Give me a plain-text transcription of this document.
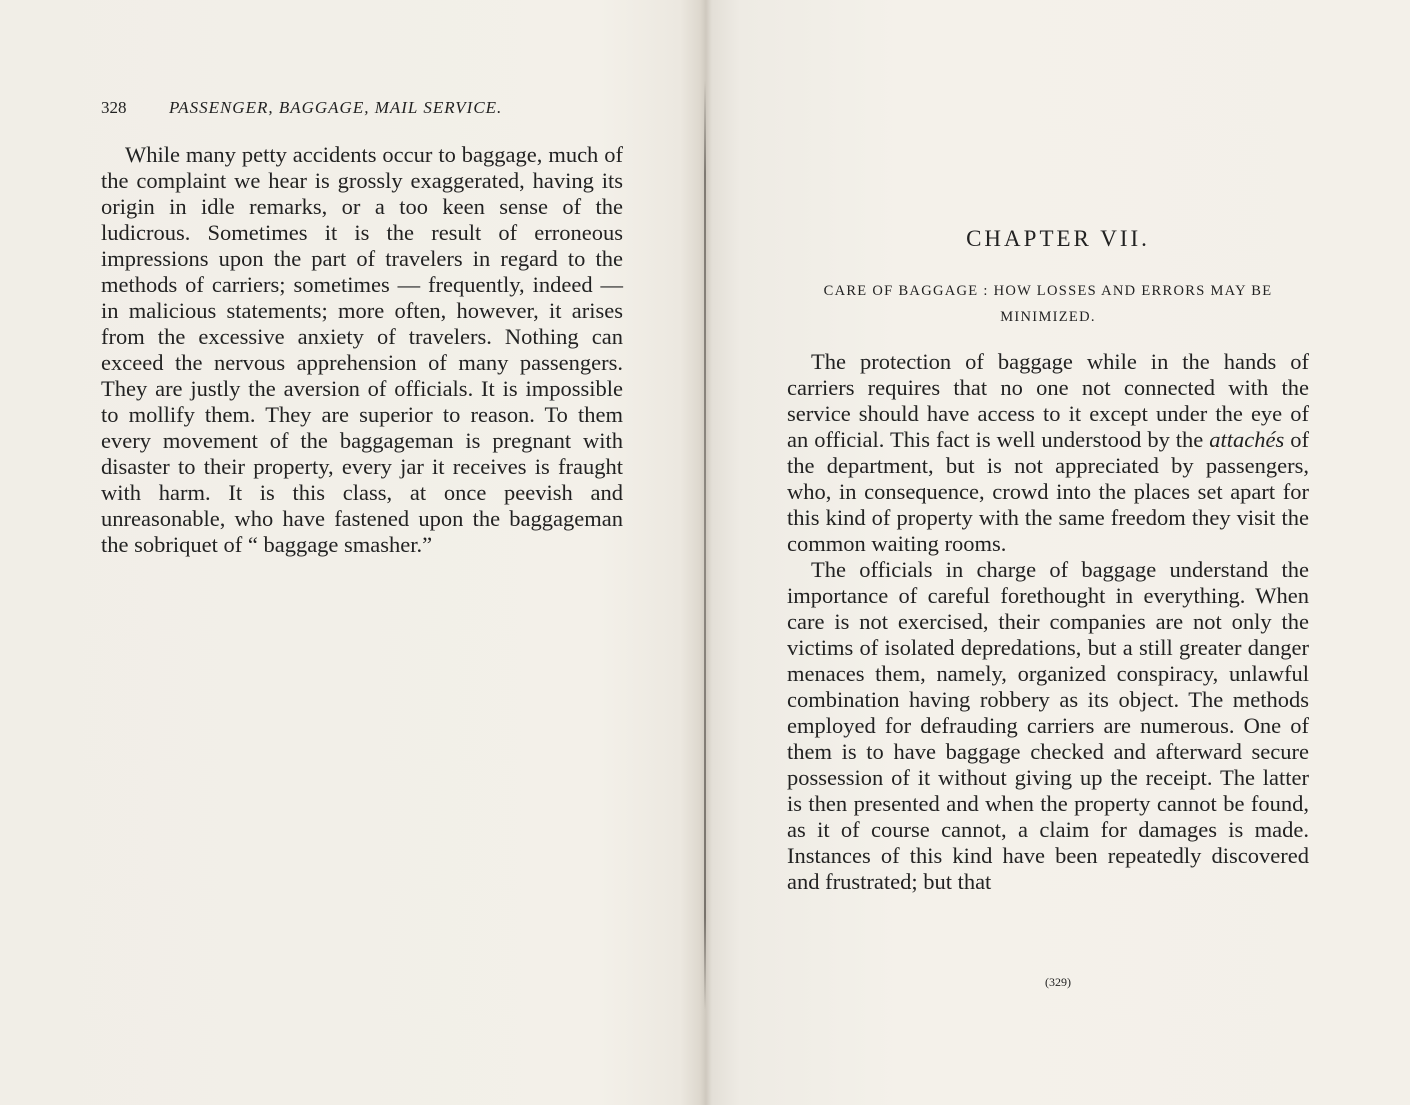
328	PASSENGER, BAGGAGE, MAIL SERVICE.

While many petty accidents occur to baggage, much of the complaint we hear is grossly exaggerated, having its origin in idle remarks, or a too keen sense of the ludicrous. Sometimes it is the result of erroneous impressions upon the part of travelers in regard to the methods of carriers; sometimes — frequently, indeed — in malicious statements; more often, however, it arises from the excessive anxiety of travelers. Nothing can exceed the nervous apprehension of many passengers. They are justly the aversion of officials. It is impossible to mollify them. They are superior to reason. To them every movement of the baggageman is pregnant with disaster to their property, every jar it receives is fraught with harm. It is this class, at once peevish and unreasonable, who have fastened upon the baggageman the sobriquet of “ baggage smasher.”

CHAPTER VII.
CARE OF BAGGAGE : HOW LOSSES AND ERRORS MAY BE MINIMIZED.

The protection of baggage while in the hands of carriers requires that no one not connected with the service should have access to it except under the eye of an official. This fact is well understood by the attachés of the department, but is not appreciated by passengers, who, in consequence, crowd into the places set apart for this kind of property with the same freedom they visit the common waiting rooms.

The officials in charge of baggage understand the importance of careful forethought in everything. When care is not exercised, their companies are not only the victims of isolated depredations, but a still greater danger menaces them, namely, organized conspiracy, unlawful combination having robbery as its object. The methods employed for defrauding carriers are numerous. One of them is to have baggage checked and afterward secure possession of it without giving up the receipt. The latter is then presented and when the property cannot be found, as it of course cannot, a claim for damages is made. Instances of this kind have been repeatedly discovered and frustrated; but that

(329)
